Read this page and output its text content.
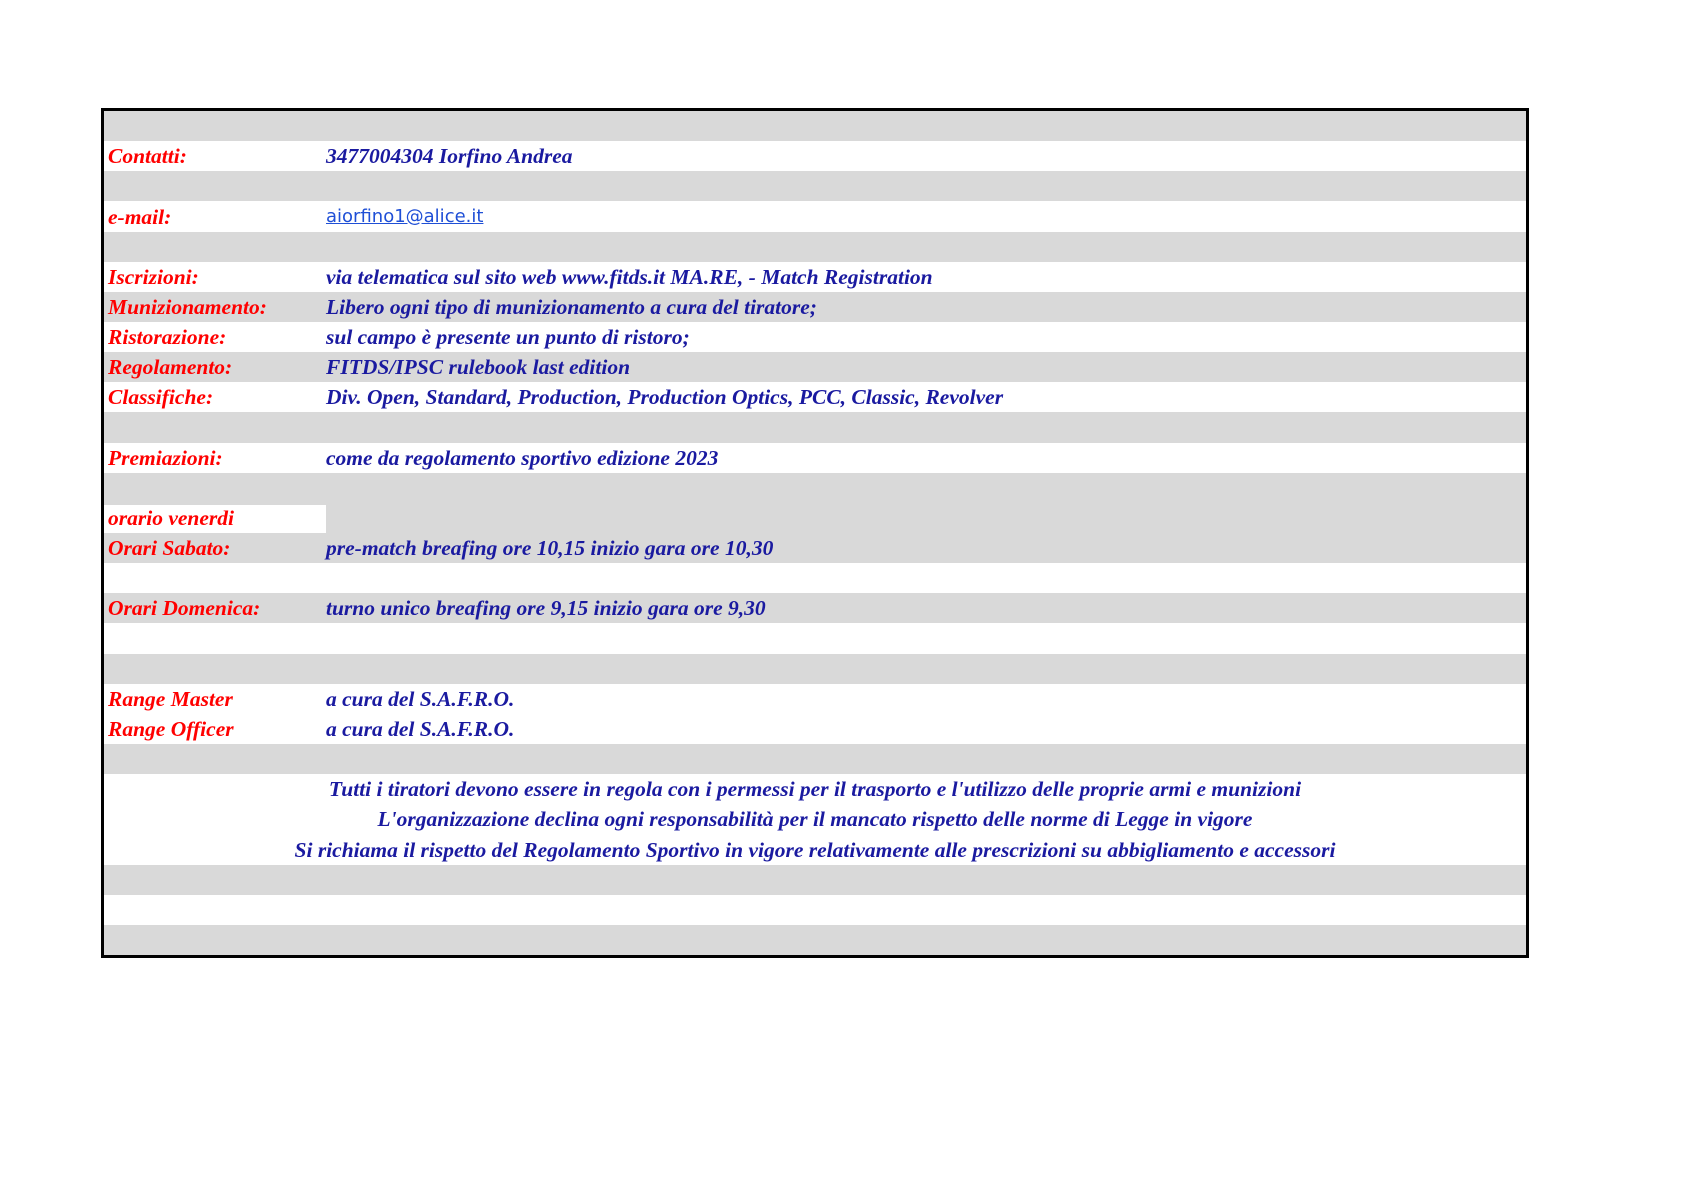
Contatti:	3477004304 Iorfino Andrea
e-mail:	aiorfino1@alice.it
Iscrizioni:	via telematica sul sito web www.fitds.it MA.RE, - Match Registration
Munizionamento:	Libero ogni tipo di munizionamento a cura del tiratore;
Ristorazione:	sul campo è presente un punto di ristoro;
Regolamento:	FITDS/IPSC rulebook last edition
Classifiche:	Div. Open, Standard, Production, Production Optics, PCC, Classic, Revolver
Premiazioni:	come da regolamento sportivo edizione 2023
orario venerdi
Orari Sabato:	pre-match breafing ore 10,15 inizio gara ore 10,30
Orari Domenica:	turno unico breafing ore 9,15 inizio gara ore 9,30
Range Master	a cura del S.A.F.R.O.
Range Officer	a cura del S.A.F.R.O.
Tutti i tiratori devono essere in regola con i permessi per il trasporto e l'utilizzo delle proprie armi e munizioni
L'organizzazione declina ogni responsabilità per il mancato rispetto delle norme di Legge in vigore
Si richiama il rispetto del Regolamento Sportivo in vigore relativamente alle prescrizioni su abbigliamento e accessori
